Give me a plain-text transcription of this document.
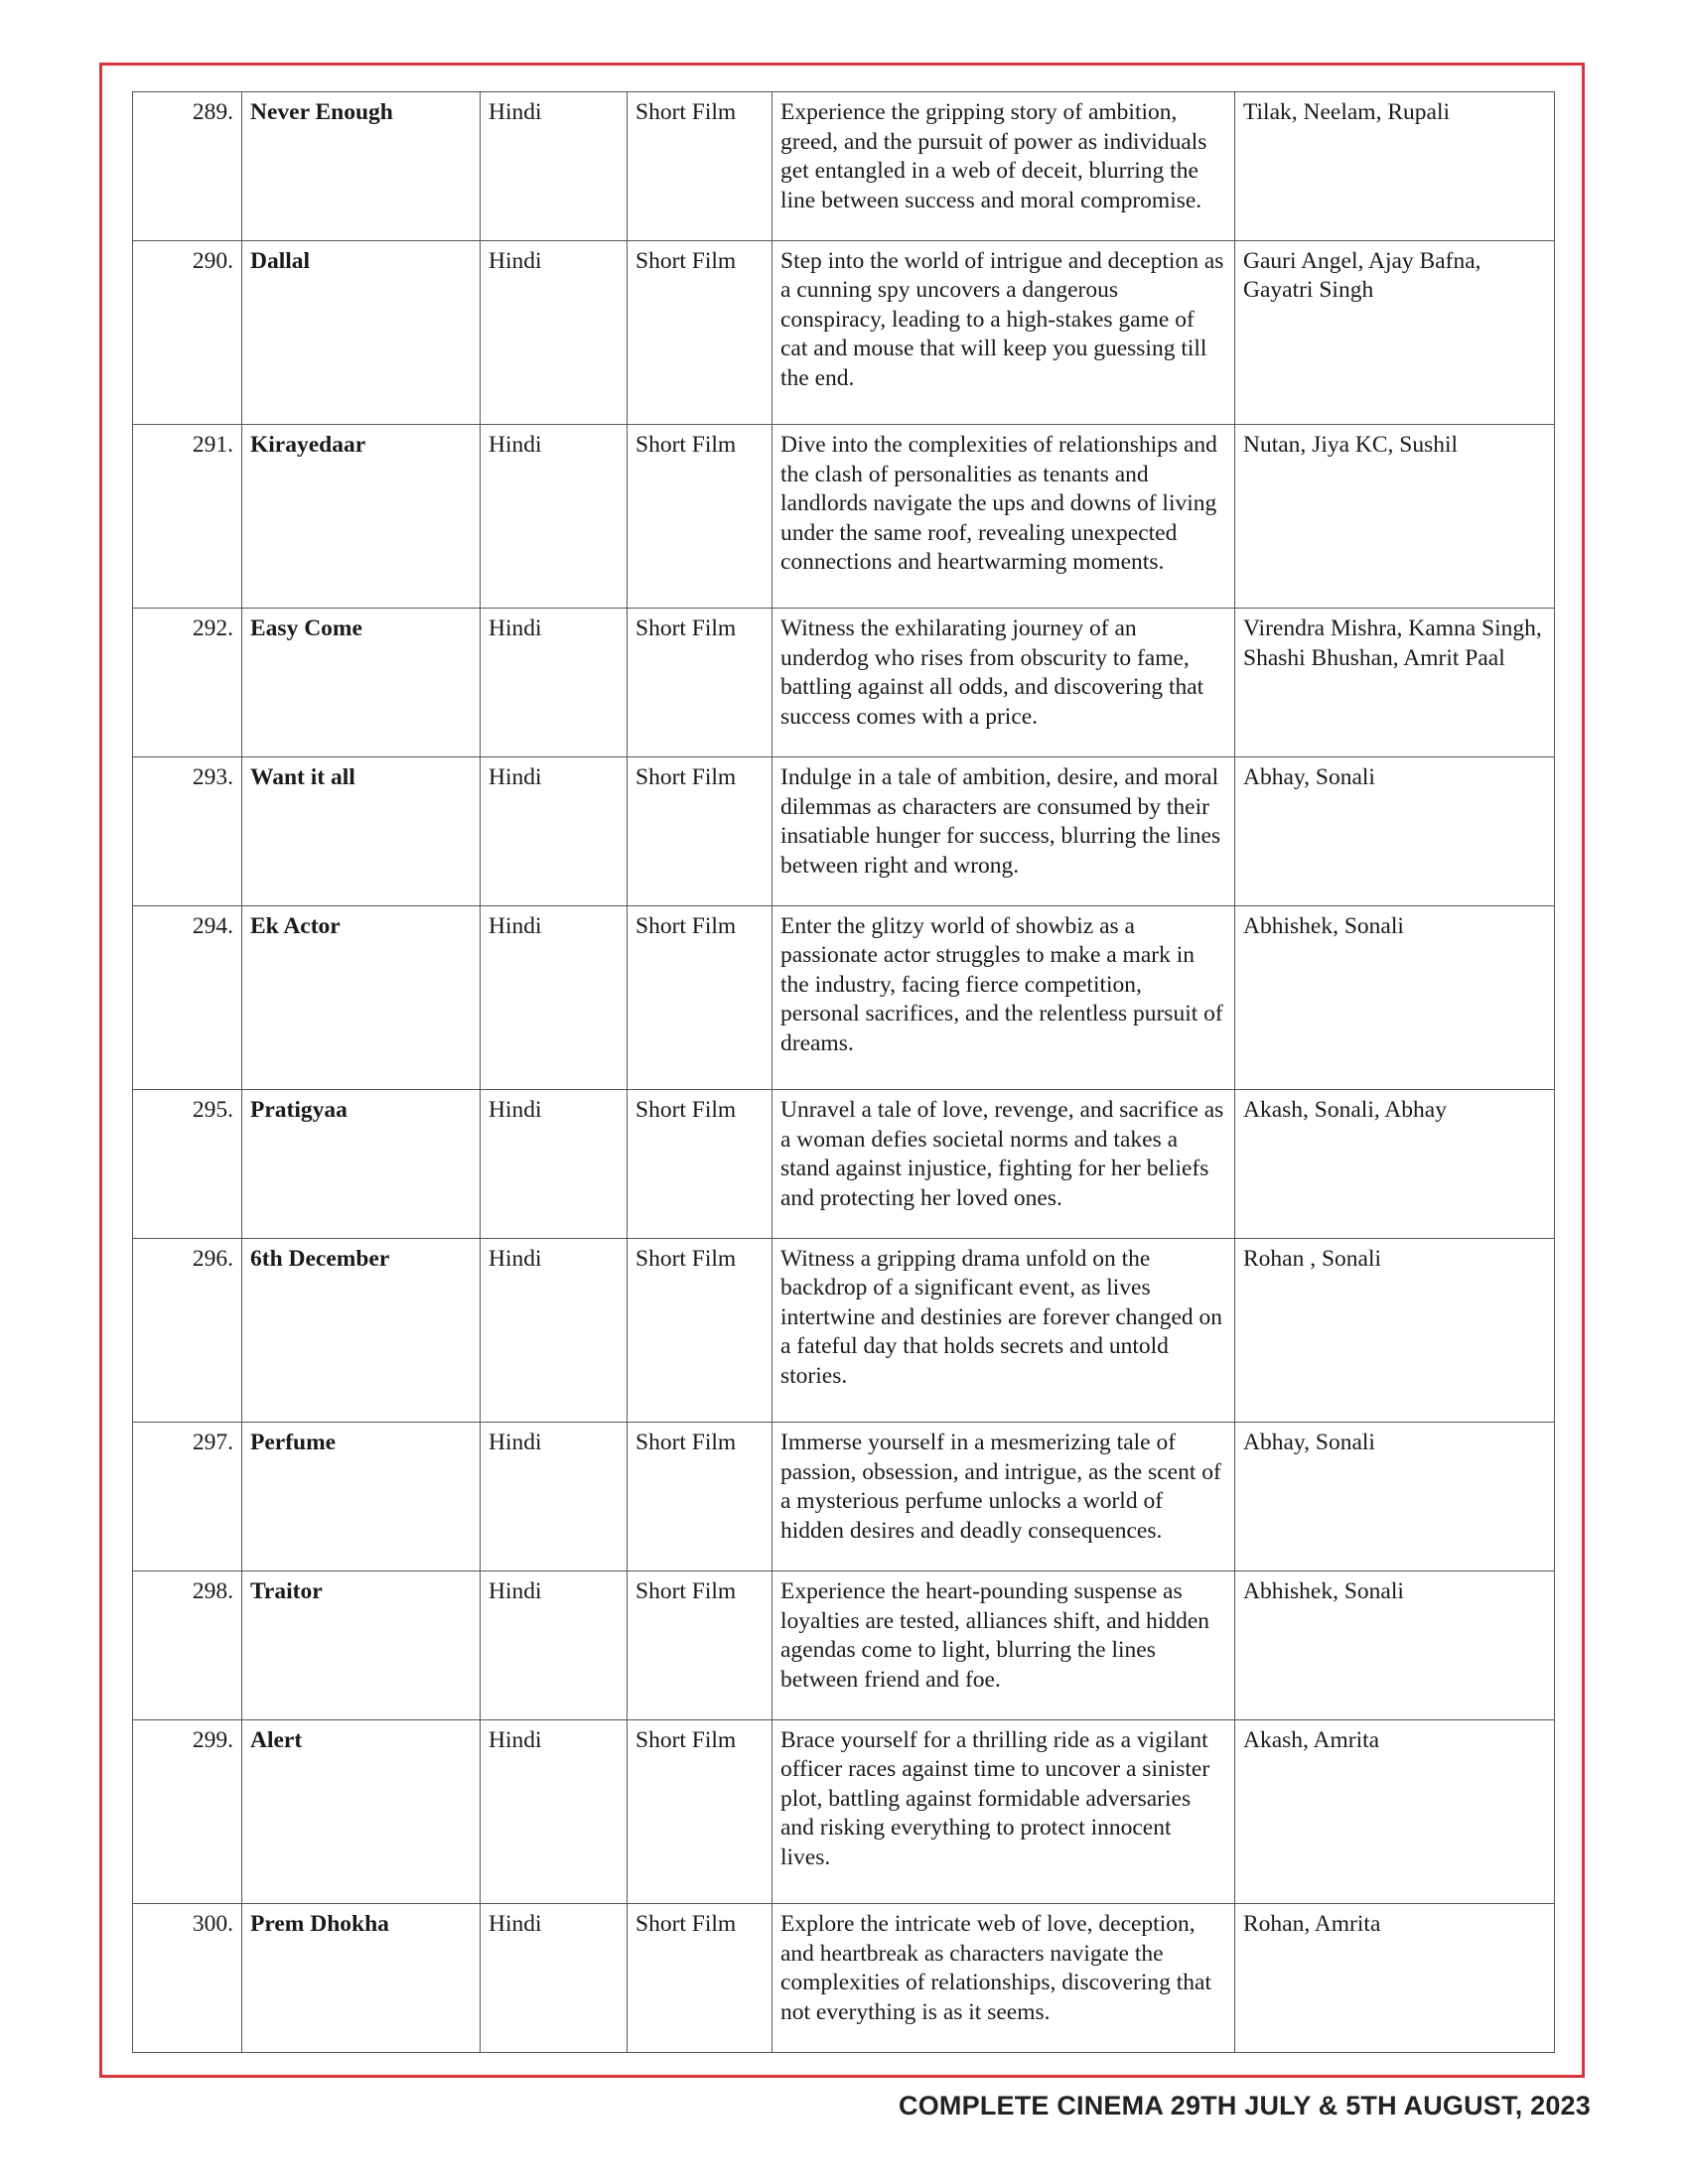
289.	Never Enough	Hindi	Short Film	Experience the gripping story of ambition, greed, and the pursuit of power as individuals get entangled in a web of deceit, blurring the line between success and moral compromise.	Tilak, Neelam, Rupali
290.	Dallal	Hindi	Short Film	Step into the world of intrigue and deception as a cunning spy uncovers a dangerous conspiracy, leading to a high-stakes game of cat and mouse that will keep you guessing till the end.	Gauri Angel, Ajay Bafna, Gayatri Singh
291.	Kirayedaar	Hindi	Short Film	Dive into the complexities of relationships and the clash of personalities as tenants and landlords navigate the ups and downs of living under the same roof, revealing unexpected connections and heartwarming moments.	Nutan, Jiya KC, Sushil
292.	Easy Come	Hindi	Short Film	Witness the exhilarating journey of an underdog who rises from obscurity to fame, battling against all odds, and discovering that success comes with a price.	Virendra Mishra, Kamna Singh, Shashi Bhushan, Amrit Paal
293.	Want it all	Hindi	Short Film	Indulge in a tale of ambition, desire, and moral dilemmas as characters are consumed by their insatiable hunger for success, blurring the lines between right and wrong.	Abhay, Sonali
294.	Ek Actor	Hindi	Short Film	Enter the glitzy world of showbiz as a passionate actor struggles to make a mark in the industry, facing fierce competition, personal sacrifices, and the relentless pursuit of dreams.	Abhishek, Sonali
295.	Pratigyaa	Hindi	Short Film	Unravel a tale of love, revenge, and sacrifice as a woman defies societal norms and takes a stand against injustice, fighting for her beliefs and protecting her loved ones.	Akash, Sonali, Abhay
296.	6th December	Hindi	Short Film	Witness a gripping drama unfold on the backdrop of a significant event, as lives intertwine and destinies are forever changed on a fateful day that holds secrets and untold stories.	Rohan , Sonali
297.	Perfume	Hindi	Short Film	Immerse yourself in a mesmerizing tale of passion, obsession, and intrigue, as the scent of a mysterious perfume unlocks a world of hidden desires and deadly consequences.	Abhay, Sonali
298.	Traitor	Hindi	Short Film	Experience the heart-pounding suspense as loyalties are tested, alliances shift, and hidden agendas come to light, blurring the lines between friend and foe.	Abhishek, Sonali
299.	Alert	Hindi	Short Film	Brace yourself for a thrilling ride as a vigilant officer races against time to uncover a sinister plot, battling against formidable adversaries and risking everything to protect innocent lives.	Akash, Amrita
300.	Prem Dhokha	Hindi	Short Film	Explore the intricate web of love, deception, and heartbreak as characters navigate the complexities of relationships, discovering that not everything is as it seems.	Rohan, Amrita
COMPLETE CINEMA 29TH JULY & 5TH AUGUST, 2023
